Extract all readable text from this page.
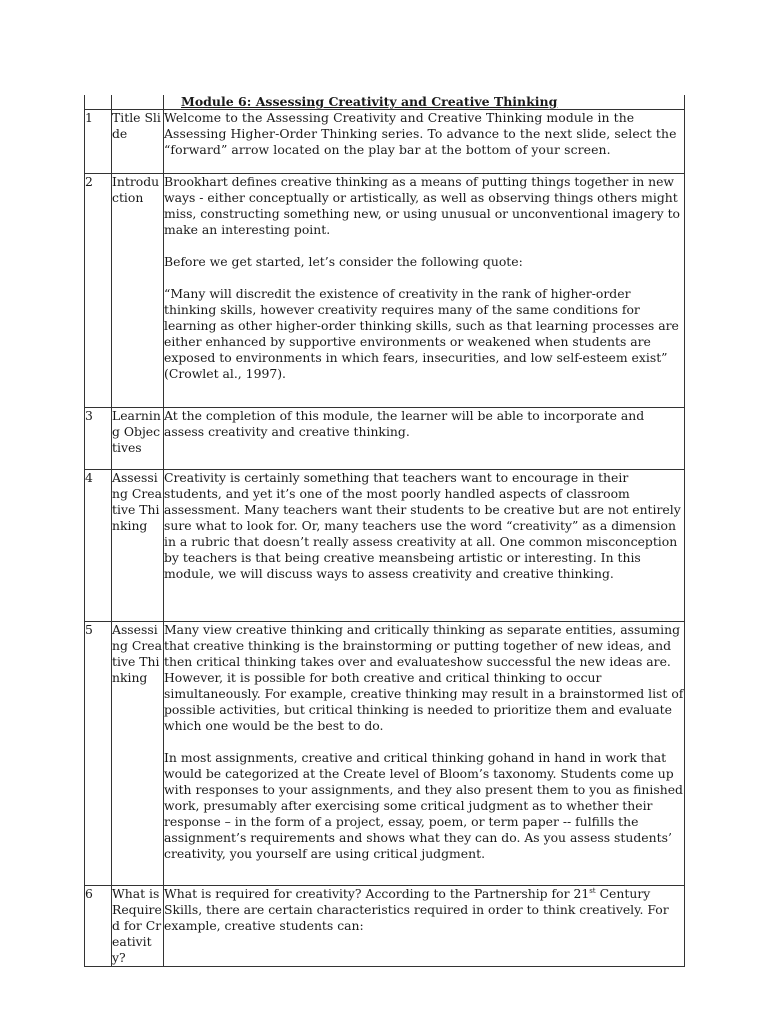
Module 6: Assessing Creativity and Creative Thinking

1	Title Slide	Welcome to the Assessing Creativity and Creative Thinking module in the Assessing Higher-Order Thinking series. To advance to the next slide, select the “forward” arrow located on the play bar at the bottom of your screen.

2	Introduction	Brookhart defines creative thinking as a means of putting things together in new ways - either conceptually or artistically, as well as observing things others might miss, constructing something new, or using unusual or unconventional imagery to make an interesting point.

Before we get started, let’s consider the following quote:

“Many will discredit the existence of creativity in the rank of higher-order thinking skills, however creativity requires many of the same conditions for learning as other higher-order thinking skills, such as that learning processes are either enhanced by supportive environments or weakened when students are exposed to environments in which fears, insecurities, and low self-esteem exist” (Crowlet al., 1997).

3	Learning Objectives	At the completion of this module, the learner will be able to incorporate and assess creativity and creative thinking.

4	Assessing Creative Thinking	Creativity is certainly something that teachers want to encourage in their students, and yet it’s one of the most poorly handled aspects of classroom assessment. Many teachers want their students to be creative but are not entirely sure what to look for. Or, many teachers use the word “creativity” as a dimension in a rubric that doesn’t really assess creativity at all. One common misconception by teachers is that being creative meansbeing artistic or interesting. In this module, we will discuss ways to assess creativity and creative thinking.

5	Assessing Creative Thinking	Many view creative thinking and critically thinking as separate entities, assuming that creative thinking is the brainstorming or putting together of new ideas, and then critical thinking takes over and evaluateshow successful the new ideas are. However, it is possible for both creative and critical thinking to occur simultaneously. For example, creative thinking may result in a brainstormed list of possible activities, but critical thinking is needed to prioritize them and evaluate which one would be the best to do.

In most assignments, creative and critical thinking gohand in hand in work that would be categorized at the Create level of Bloom’s taxonomy. Students come up with responses to your assignments, and they also present them to you as finished work, presumably after exercising some critical judgment as to whether their response – in the form of a project, essay, poem, or term paper -- fulfills the assignment’s requirements and shows what they can do. As you assess students’ creativity, you yourself are using critical judgment.

6	What is Required for Creativity?	What is required for creativity? According to the Partnership for 21st Century Skills, there are certain characteristics required in order to think creatively. For example, creative students can:
